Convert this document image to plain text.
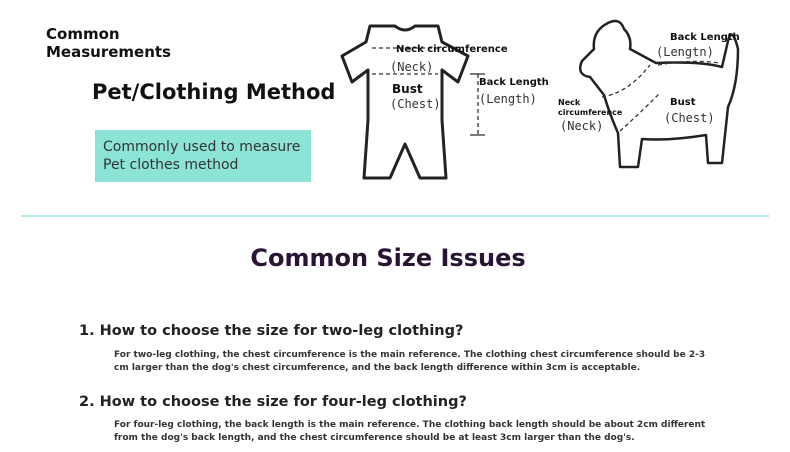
Common
Measurements
Pet/Clothing Method
Commonly used to measure
Pet clothes method
Neck circumference
(Neck)
Bust
(Chest)
Back Length
(Length)
Back Length
(Lengtn)
Neck
circumference
(Neck)
Bust
(Chest)
Common Size Issues
1. How to choose the size for two-leg clothing?
For two-leg clothing, the chest circumference is the main reference. The clothing chest circumference should be 2-3
cm larger than the dog's chest circumference, and the back length difference within 3cm is acceptable.
2. How to choose the size for four-leg clothing?
For four-leg clothing, the back length is the main reference. The clothing back length should be about 2cm different
from the dog's back length, and the chest circumference should be at least 3cm larger than the dog's.
